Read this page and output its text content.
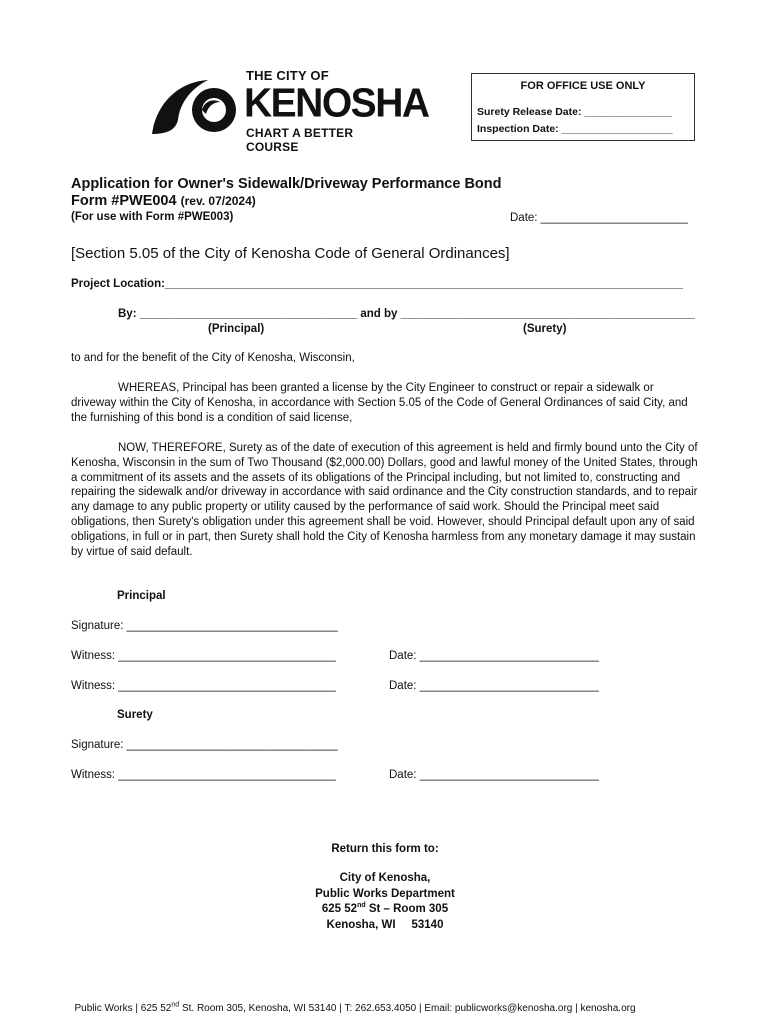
THE CITY OF
KENOSHA
CHART A BETTER COURSE
FOR OFFICE USE ONLY
Surety Release Date: _______________
Inspection Date: ___________________
Application for Owner's Sidewalk/Driveway Performance Bond
Form #PWE004 (rev. 07/2024)
(For use with Form #PWE003)	Date: _______________________
[Section 5.05 of the City of Kenosha Code of General Ordinances]
Project Location:_________________________________________________________________________________
By: __________________________________ and by ______________________________________________
(Principal)	(Surety)
to and for the benefit of the City of Kenosha, Wisconsin,
WHEREAS, Principal has been granted a license by the City Engineer to construct or repair a sidewalk or driveway within the City of Kenosha, in accordance with Section 5.05 of the Code of General Ordinances of said City, and the furnishing of this bond is a condition of said license,
NOW, THEREFORE, Surety as of the date of execution of this agreement is held and firmly bound unto the City of Kenosha, Wisconsin in the sum of Two Thousand ($2,000.00) Dollars, good and lawful money of the United States, through a commitment of its assets and the assets of its obligations of the Principal including, but not limited to, constructing and repairing the sidewalk and/or driveway in accordance with said ordinance and the City construction standards, and to repair any damage to any public property or utility caused by the performance of said work. Should the Principal meet said obligations, then Surety's obligation under this agreement shall be void. However, should Principal default upon any of said obligations, in full or in part, then Surety shall hold the City of Kenosha harmless from any monetary damage it may sustain by virtue of said default.
Principal
Signature: _________________________________
Witness: __________________________________	Date: ____________________________
Witness: __________________________________	Date: ____________________________
Surety
Signature: _________________________________
Witness: __________________________________	Date: ____________________________
Return this form to:
City of Kenosha,
Public Works Department
625 52nd St – Room 305
Kenosha, WI     53140
Public Works | 625 52nd St. Room 305, Kenosha, WI 53140 | T: 262.653.4050 | Email: publicworks@kenosha.org | kenosha.org
